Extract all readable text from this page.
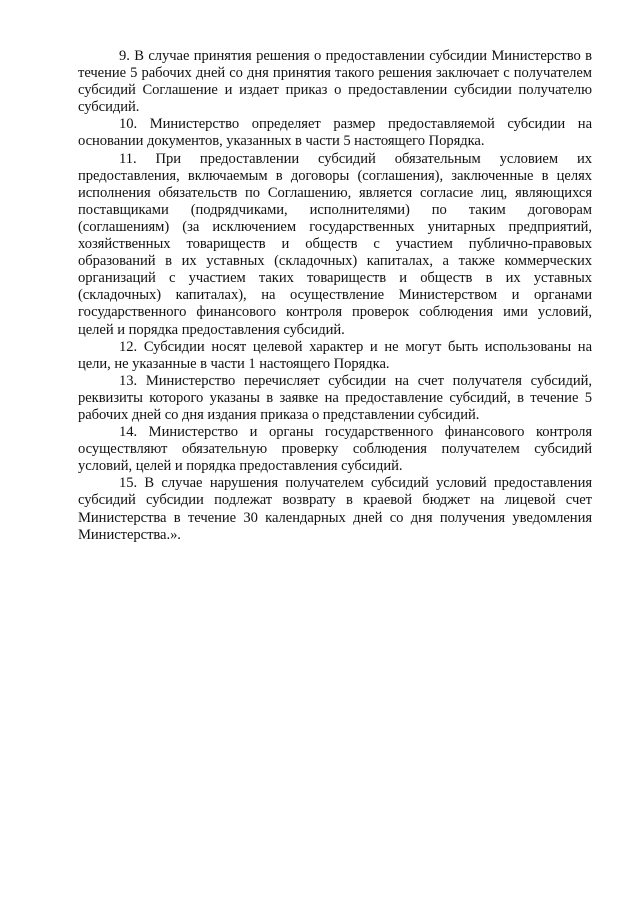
9. В случае принятия решения о предоставлении субсидии Министерство в течение 5 рабочих дней со дня принятия такого решения заключает с получателем субсидий Соглашение и издает приказ о предоставлении субсидии получателю субсидий.

10. Министерство определяет размер предоставляемой субсидии на основании документов, указанных в части 5 настоящего Порядка.

11. При предоставлении субсидий обязательным условием их предоставления, включаемым в договоры (соглашения), заключенные в целях исполнения обязательств по Соглашению, является согласие лиц, являющихся поставщиками (подрядчиками, исполнителями) по таким договорам (соглашениям) (за исключением государственных унитарных предприятий, хозяйственных товариществ и обществ с участием публично-правовых образований в их уставных (складочных) капиталах, а также коммерческих организаций с участием таких товариществ и обществ в их уставных (складочных) капиталах), на осуществление Министерством и органами государственного финансового контроля проверок соблюдения ими условий, целей и порядка предоставления субсидий.

12. Субсидии носят целевой характер и не могут быть использованы на цели, не указанные в части 1 настоящего Порядка.

13. Министерство перечисляет субсидии на счет получателя субсидий, реквизиты которого указаны в заявке на предоставление субсидий, в течение 5 рабочих дней со дня издания приказа о представлении субсидий.

14. Министерство и органы государственного финансового контроля осуществляют обязательную проверку соблюдения получателем субсидий условий, целей и порядка предоставления субсидий.

15. В случае нарушения получателем субсидий условий предоставления субсидий субсидии подлежат возврату в краевой бюджет на лицевой счет Министерства в течение 30 календарных дней со дня получения уведомления Министерства.».
